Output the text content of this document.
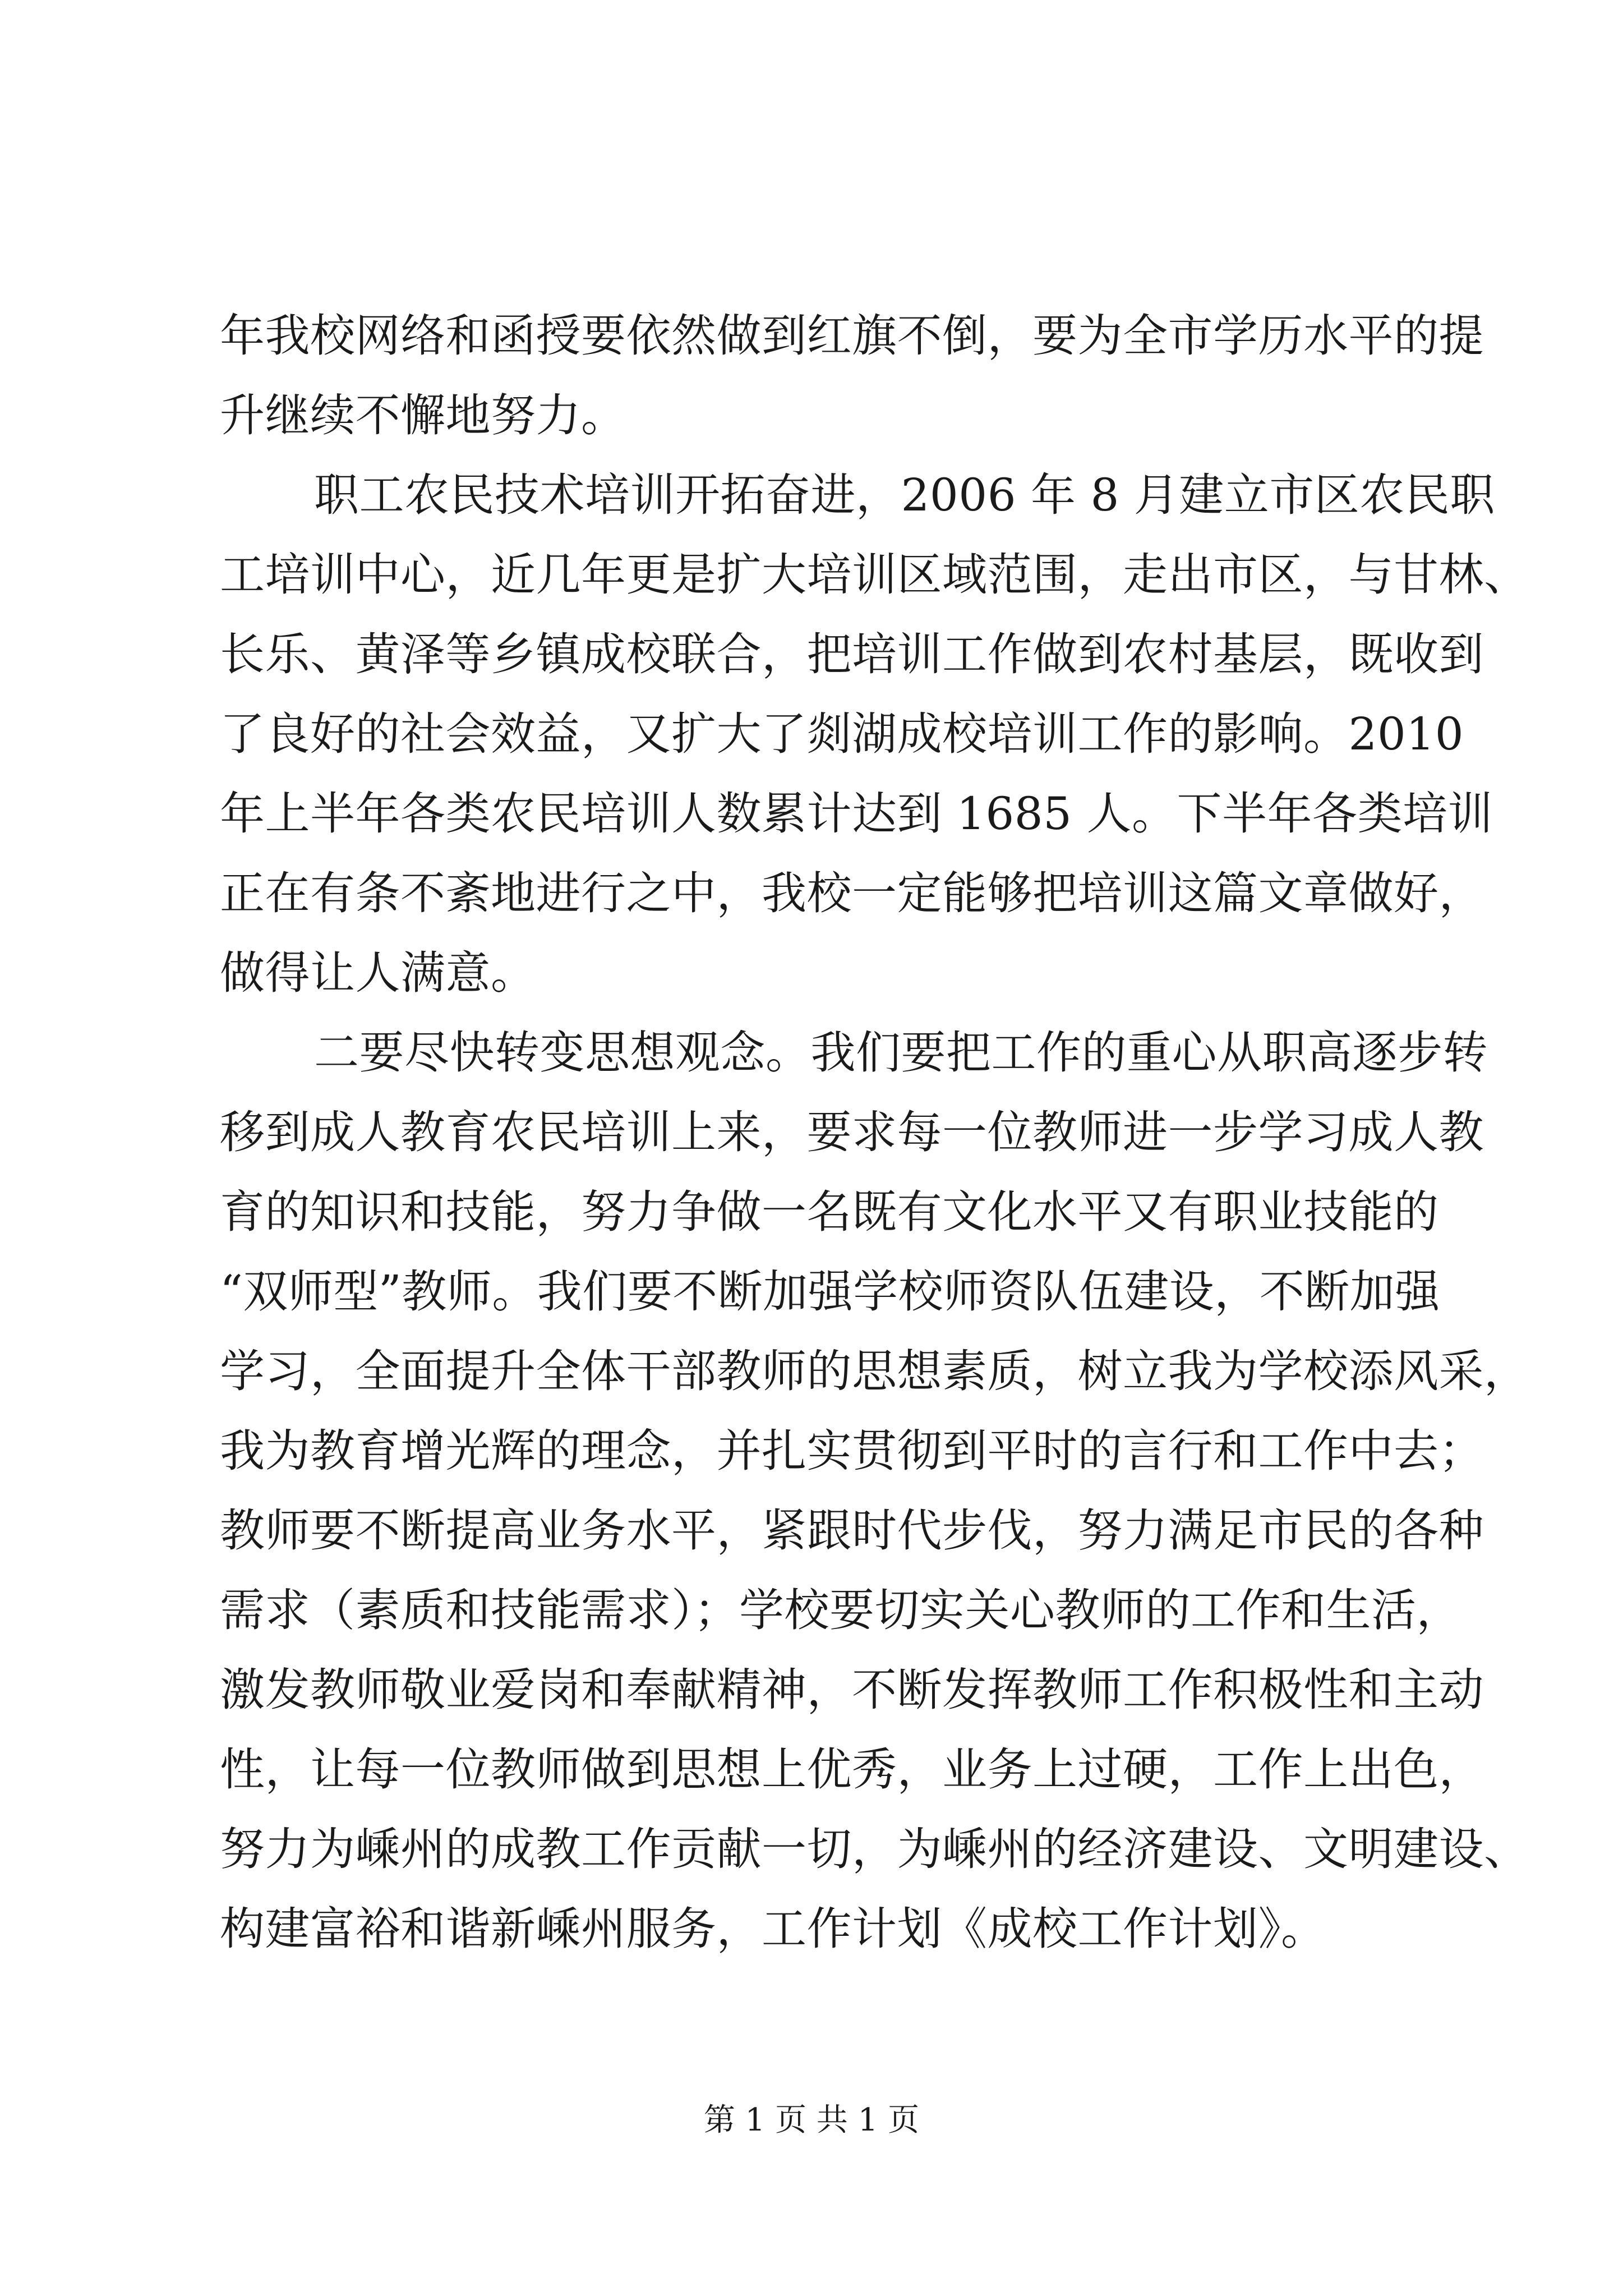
年我校网络和函授要依然做到红旗不倒，要为全市学历水平的提
升继续不懈地努力。
职工农民技术培训开拓奋进，2006 年 8 月建立市区农民职
工培训中心，近几年更是扩大培训区域范围，走出市区，与甘林、
长乐、黄泽等乡镇成校联合，把培训工作做到农村基层，既收到
了良好的社会效益，又扩大了剡湖成校培训工作的影响。2010
年上半年各类农民培训人数累计达到 1685 人。下半年各类培训
正在有条不紊地进行之中，我校一定能够把培训这篇文章做好，
做得让人满意。
二要尽快转变思想观念。我们要把工作的重心从职高逐步转
移到成人教育农民培训上来，要求每一位教师进一步学习成人教
育的知识和技能，努力争做一名既有文化水平又有职业技能的
“双师型”教师。我们要不断加强学校师资队伍建设，不断加强
学习，全面提升全体干部教师的思想素质，树立我为学校添风采，
我为教育增光辉的理念，并扎实贯彻到平时的言行和工作中去；
教师要不断提高业务水平，紧跟时代步伐，努力满足市民的各种
需求（素质和技能需求）；学校要切实关心教师的工作和生活，
激发教师敬业爱岗和奉献精神，不断发挥教师工作积极性和主动
性，让每一位教师做到思想上优秀，业务上过硬，工作上出色，
努力为嵊州的成教工作贡献一切，为嵊州的经济建设、文明建设、
构建富裕和谐新嵊州服务，工作计划《成校工作计划》。
第 1 页 共 1 页
